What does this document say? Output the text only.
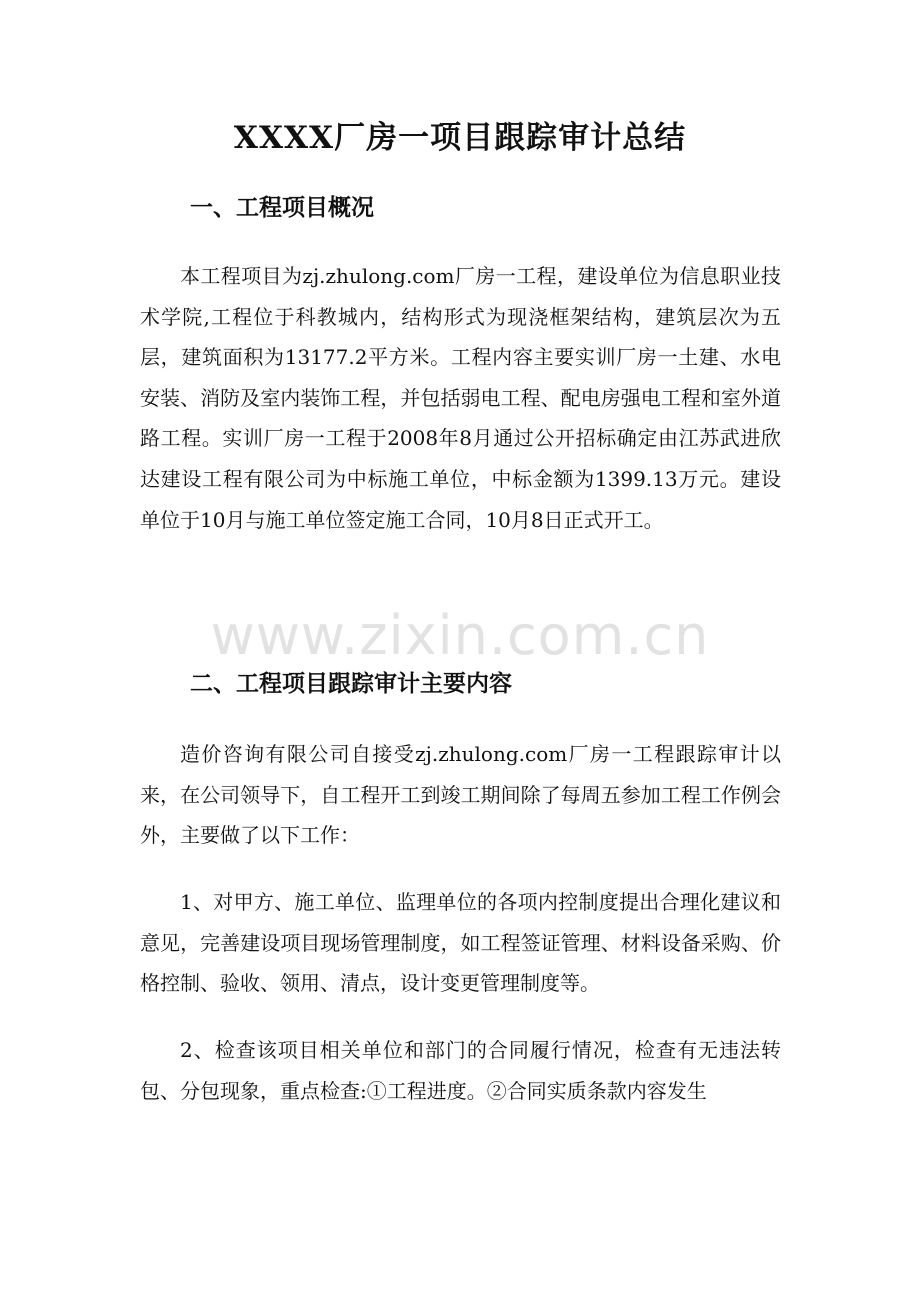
XXXX厂房一项目跟踪审计总结
一、工程项目概况

本工程项目为zj.zhulong.com厂房一工程，建设单位为信息职业技术学院,工程位于科教城内，结构形式为现浇框架结构，建筑层次为五层，建筑面积为13177.2平方米。工程内容主要实训厂房一土建、水电安装、消防及室内装饰工程，并包括弱电工程、配电房强电工程和室外道路工程。实训厂房一工程于2008年8月通过公开招标确定由江苏武进欣达建设工程有限公司为中标施工单位，中标金额为1399.13万元。建设单位于10月与施工单位签定施工合同，10月8日正式开工。

二、工程项目跟踪审计主要内容

造价咨询有限公司自接受zj.zhulong.com厂房一工程跟踪审计以来，在公司领导下，自工程开工到竣工期间除了每周五参加工程工作例会外，主要做了以下工作：

1、对甲方、施工单位、监理单位的各项内控制度提出合理化建议和意见，完善建设项目现场管理制度，如工程签证管理、材料设备采购、价格控制、验收、领用、清点，设计变更管理制度等。

2、检查该项目相关单位和部门的合同履行情况，检查有无违法转包、分包现象，重点检查:①工程进度。②合同实质条款内容发生

www.zixin.com.cn
